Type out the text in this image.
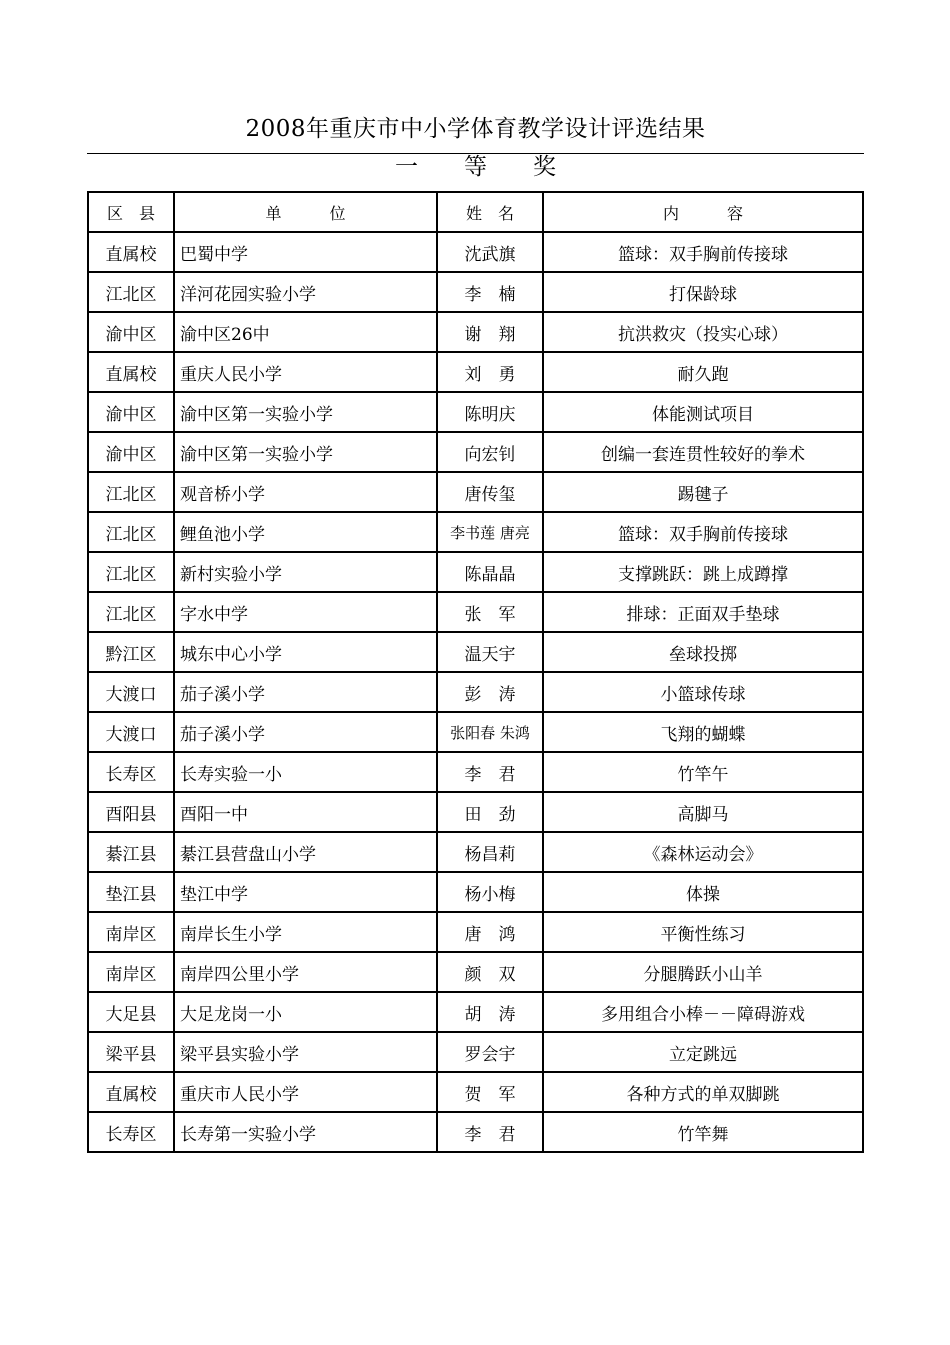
2008年重庆市中小学体育教学设计评选结果
一　　等　　奖
区　县	单　　　位	姓　名	内　　　容
直属校	巴蜀中学	沈武旗	篮球：双手胸前传接球
江北区	洋河花园实验小学	李　楠	打保龄球
渝中区	渝中区26中	谢　翔	抗洪救灾（投实心球）
直属校	重庆人民小学	刘　勇	耐久跑
渝中区	渝中区第一实验小学	陈明庆	体能测试项目
渝中区	渝中区第一实验小学	向宏钊	创编一套连贯性较好的拳术
江北区	观音桥小学	唐传玺	踢毽子
江北区	鲤鱼池小学	李书莲 唐亮	篮球：双手胸前传接球
江北区	新村实验小学	陈晶晶	支撑跳跃：跳上成蹲撑
江北区	字水中学	张　军	排球：正面双手垫球
黔江区	城东中心小学	温天宇	垒球投掷
大渡口	茄子溪小学	彭　涛	小篮球传球
大渡口	茄子溪小学	张阳春 朱鸿	飞翔的蝴蝶
长寿区	长寿实验一小	李　君	竹竿午
酉阳县	酉阳一中	田　劲	高脚马
綦江县	綦江县营盘山小学	杨昌莉	《森林运动会》
垫江县	垫江中学	杨小梅	体操
南岸区	南岸长生小学	唐　鸿	平衡性练习
南岸区	南岸四公里小学	颜　双	分腿腾跃小山羊
大足县	大足龙岗一小	胡　涛	多用组合小棒－－障碍游戏
梁平县	梁平县实验小学	罗会宇	立定跳远
直属校	重庆市人民小学	贺　军	各种方式的单双脚跳
长寿区	长寿第一实验小学	李　君	竹竿舞
